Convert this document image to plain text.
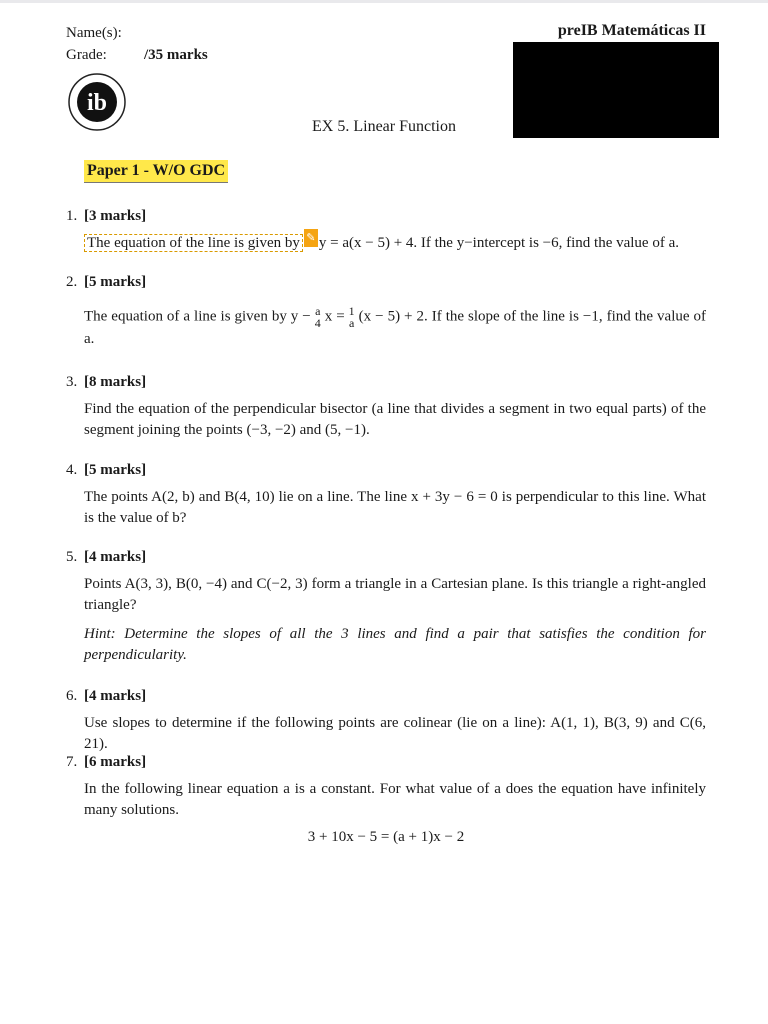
Name(s):
Grade:	/35 marks
preIB Matemáticas II
ib
EX 5. Linear Function
Paper 1 - W/O GDC
1. [3 marks]
The equation of the line is given by ✎ y = a(x − 5) + 4. If the y−intercept is −6, find the value of a.
2. [5 marks]
The equation of a line is given by y − a
4 x = 1
a (x − 5) + 2. If the slope of the line is −1, find the value of a.
3. [8 marks]
Find the equation of the perpendicular bisector (a line that divides a segment in two equal parts) of the segment joining the points (−3, −2) and (5, −1).
4. [5 marks]
The points A(2, b) and B(4, 10) lie on a line. The line x + 3y − 6 = 0 is perpendicular to this line. What is the value of b?
5. [4 marks]
Points A(3, 3), B(0, −4) and C(−2, 3) form a triangle in a Cartesian plane. Is this triangle a right-angled triangle?
Hint: Determine the slopes of all the 3 lines and find a pair that satisfies the condition for perpendicularity.
6. [4 marks]
Use slopes to determine if the following points are colinear (lie on a line): A(1, 1), B(3, 9) and C(6, 21).
7. [6 marks]
In the following linear equation a is a constant. For what value of a does the equation have infinitely many solutions.
3 + 10x − 5 = (a + 1)x − 2
